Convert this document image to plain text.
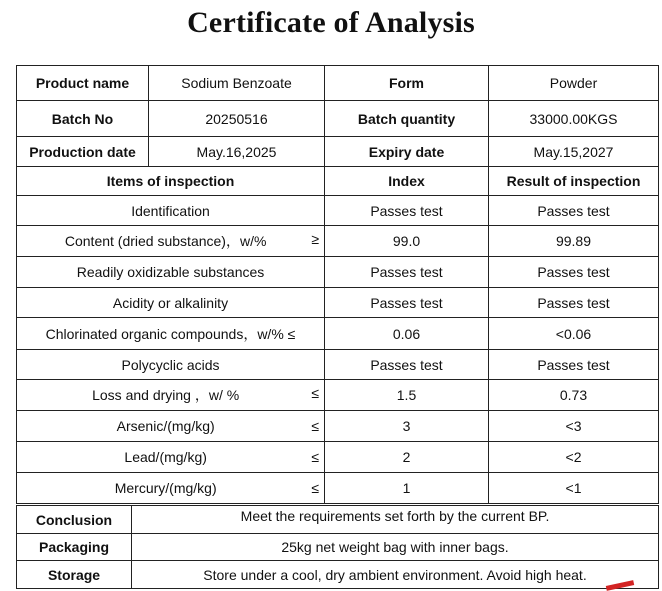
Certificate of Analysis
Product name	Sodium Benzoate	Form	Powder
Batch No	20250516	Batch quantity	33000.00KGS
Production date	May.16,2025	Expiry date	May.15,2027
Items of inspection		Index	Result of inspection
Identification		Passes test	Passes test
Content (dried substance)，w/% ≥		99.0	99.89
Readily oxidizable substances		Passes test	Passes test
Acidity or alkalinity		Passes test	Passes test
Chlorinated organic compounds，w/% ≤		0.06	<0.06
Polycyclic acids		Passes test	Passes test
Loss and drying ，w/ % ≤		1.5	0.73
Arsenic/(mg/kg) ≤		3	<3
Lead/(mg/kg) ≤		2	<2
Mercury/(mg/kg) ≤		1	<1
Conclusion	Meet the requirements set forth by the current BP.
Packaging	25kg net weight bag with inner bags.
Storage	Store under a cool, dry ambient environment. Avoid high heat.
